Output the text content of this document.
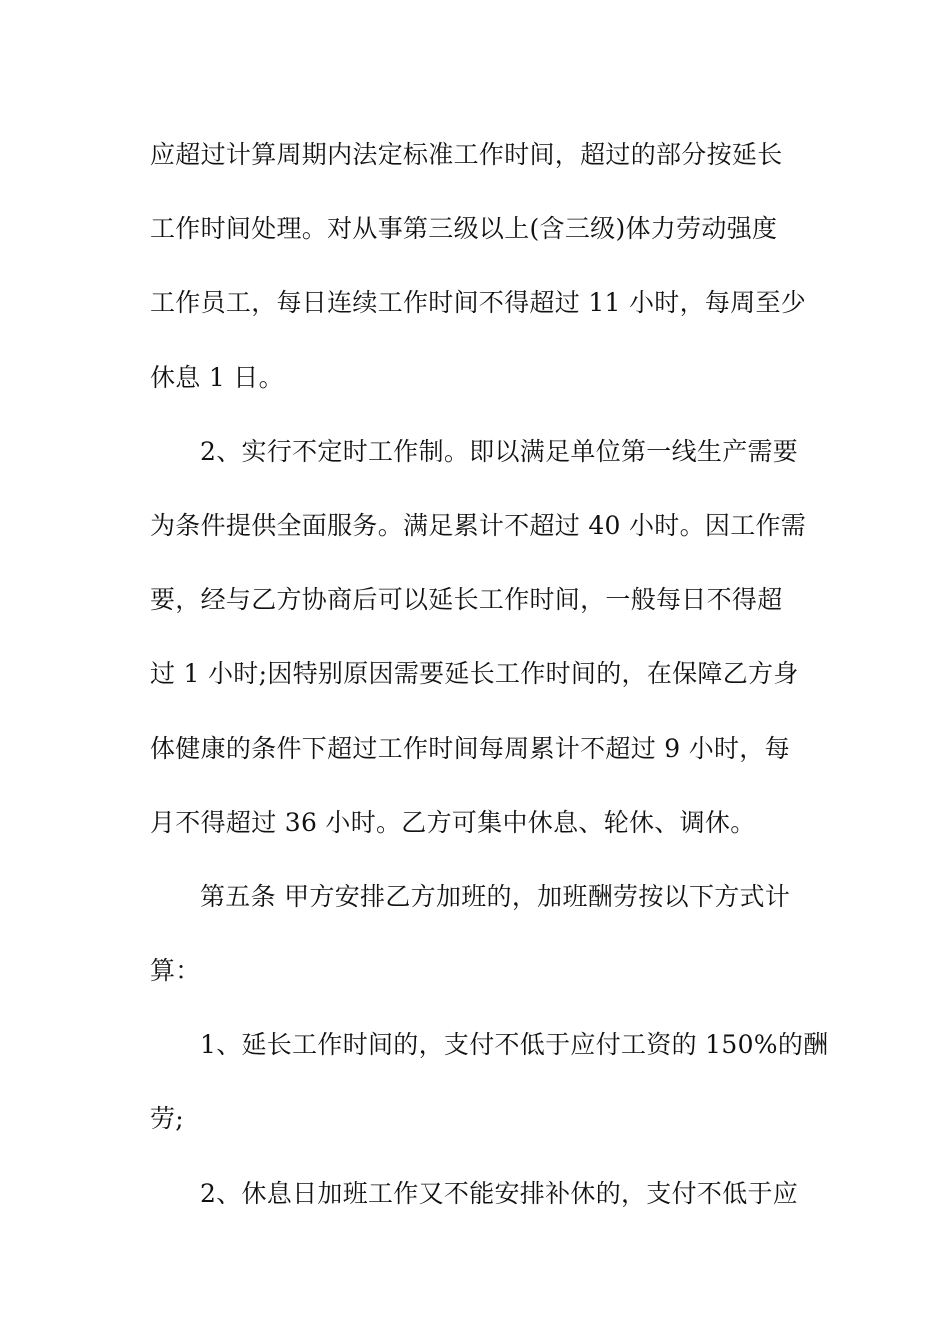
应超过计算周期内法定标准工作时间，超过的部分按延长
工作时间处理。对从事第三级以上(含三级)体力劳动强度
工作员工，每日连续工作时间不得超过 11 小时，每周至少
休息 1 日。
2、实行不定时工作制。即以满足单位第一线生产需要
为条件提供全面服务。满足累计不超过 40 小时。因工作需
要，经与乙方协商后可以延长工作时间，一般每日不得超
过 1 小时;因特别原因需要延长工作时间的，在保障乙方身
体健康的条件下超过工作时间每周累计不超过 9 小时，每
月不得超过 36 小时。乙方可集中休息、轮休、调休。
第五条 甲方安排乙方加班的，加班酬劳按以下方式计
算：
1、延长工作时间的，支付不低于应付工资的 150%的酬
劳;
2、休息日加班工作又不能安排补休的，支付不低于应
